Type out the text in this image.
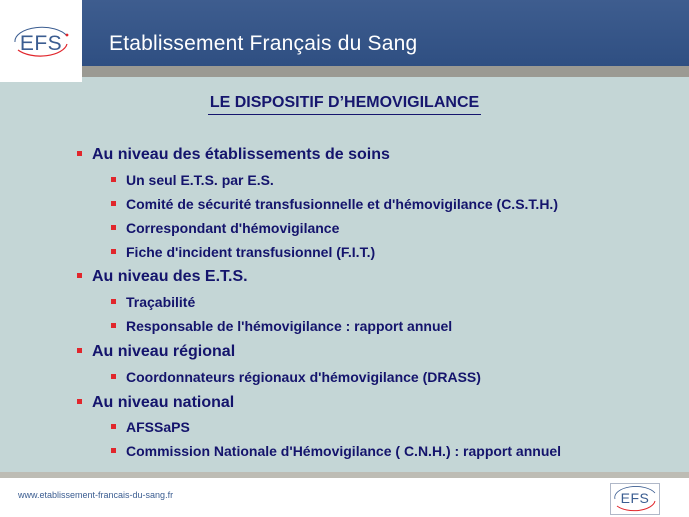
Etablissement Français du Sang
EFS
LE DISPOSITIF D’HEMOVIGILANCE
Au niveau des établissements de soins
Un seul E.T.S. par E.S.
Comité de sécurité transfusionnelle et d'hémovigilance (C.S.T.H.)
Correspondant d'hémovigilance
Fiche d'incident transfusionnel (F.I.T.)
Au niveau des E.T.S.
Traçabilité
Responsable de l'hémovigilance : rapport annuel
Au niveau régional
Coordonnateurs régionaux d'hémovigilance (DRASS)
Au niveau national
AFSSaPS
Commission Nationale d'Hémovigilance ( C.N.H.) : rapport annuel
www.etablissement-francais-du-sang.fr	EFS
